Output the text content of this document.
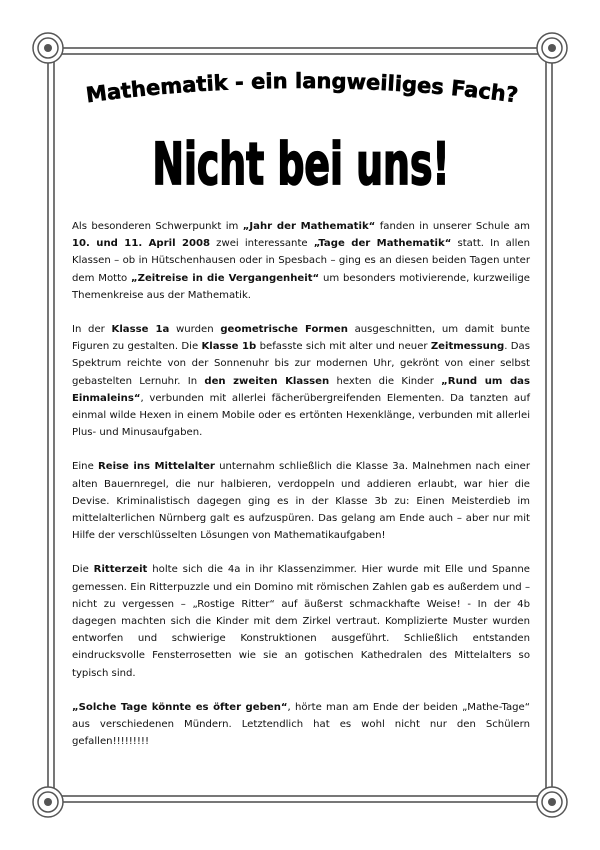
Mathematik - ein langweiliges Fach?
Nicht bei uns!

Als besonderen Schwerpunkt im „Jahr der Mathematik“ fanden in unserer Schule am 10. und 11. April 2008 zwei interessante „Tage der Mathematik“ statt. In allen Klassen – ob in Hütschenhausen oder in Spesbach – ging es an diesen beiden Tagen unter dem Motto „Zeitreise in die Vergangenheit“ um besonders motivierende, kurzweilige Themenkreise aus der Mathematik.

In der Klasse 1a wurden geometrische Formen ausgeschnitten, um damit bunte Figuren zu gestalten. Die Klasse 1b befasste sich mit alter und neuer Zeitmessung. Das Spektrum reichte von der Sonnenuhr bis zur modernen Uhr, gekrönt von einer selbst gebastelten Lernuhr. In den zweiten Klassen hexten die Kinder „Rund um das Einmaleins“, verbunden mit allerlei fächerübergreifenden Elementen. Da tanzten auf einmal wilde Hexen in einem Mobile oder es ertönten Hexenklänge, verbunden mit allerlei Plus- und Minusaufgaben.

Eine Reise ins Mittelalter unternahm schließlich die Klasse 3a. Malnehmen nach einer alten Bauernregel, die nur halbieren, verdoppeln und addieren erlaubt, war hier die Devise. Kriminalistisch dagegen ging es in der Klasse 3b zu: Einen Meisterdieb im mittelalterlichen Nürnberg galt es aufzuspüren. Das gelang am Ende auch – aber nur mit Hilfe der verschlüsselten Lösungen von Mathematikaufgaben!

Die Ritterzeit holte sich die 4a in ihr Klassenzimmer. Hier wurde mit Elle und Spanne gemessen. Ein Ritterpuzzle und ein Domino mit römischen Zahlen gab es außerdem und – nicht zu vergessen – „Rostige Ritter“ auf äußerst schmackhafte Weise! - In der 4b dagegen machten sich die Kinder mit dem Zirkel vertraut. Komplizierte Muster wurden entworfen und schwierige Konstruktionen ausgeführt. Schließlich entstanden eindrucksvolle Fensterrosetten wie sie an gotischen Kathedralen des Mittelalters so typisch sind.

„Solche Tage könnte es öfter geben“, hörte man am Ende der beiden „Mathe-Tage“ aus verschiedenen Mündern. Letztendlich hat es wohl nicht nur den Schülern gefallen!!!!!!!!!
